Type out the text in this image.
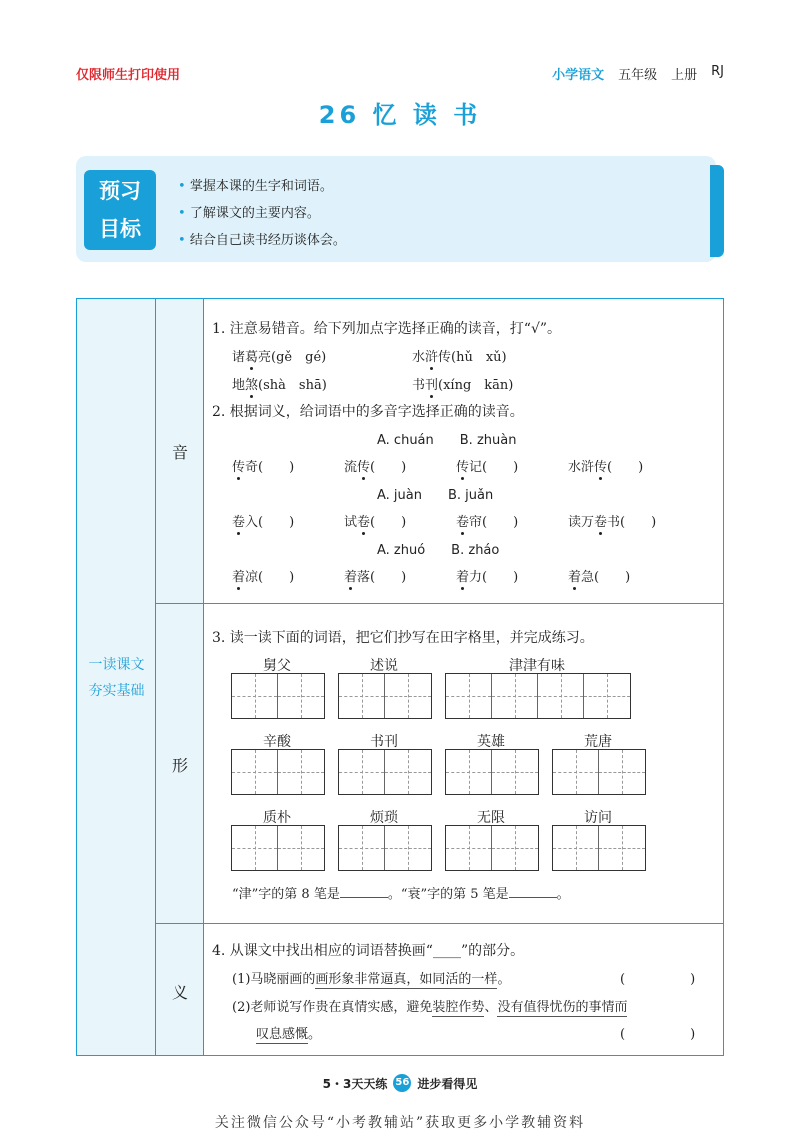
仅限师生打印使用	小学语文 五年级 上册 RJ
26 忆 读 书
预习
目标
• 掌握本课的生字和词语。
• 了解课文的主要内容。
• 结合自己读书经历谈体会。
一读课文
夯实基础
音
形
义
1. 注意易错音。给下列加点字选择正确的读音，打“√”。
诸葛亮(gě　gé)	水浒传(hǔ　xǔ)
地煞(shà　shā)	书刊(xíng　kān)
2. 根据词义，给词语中的多音字选择正确的读音。
A. chuán　　B. zhuàn
传奇(　　)	流传(　　)	传记(　　)	水浒传(　　)
A. juàn　　B. juǎn
卷入(　　)	试卷(　　)	卷帘(　　)	读万卷书(　　)
A. zhuó　　B. zháo
着凉(　　)	着落(　　)	着力(　　)	着急(　　)
3. 读一读下面的词语，把它们抄写在田字格里，并完成练习。
舅父	述说	津津有味
辛酸	书刊	英雄	荒唐
质朴	烦琐	无限	访问
“津”字的第 8 笔是	。“衰”字的第 5 笔是	。
4. 从课文中找出相应的词语替换画“____”的部分。
(1)马晓丽画的画形象非常逼真，如同活的一样。	(　　　　　)
(2)老师说写作贵在真情实感，避免装腔作势、没有值得忧伤的事情而
叹息感慨。	(　　　　　)
5・3天天练 56 进步看得见
关注微信公众号“小考教辅站”获取更多小学教辅资料
